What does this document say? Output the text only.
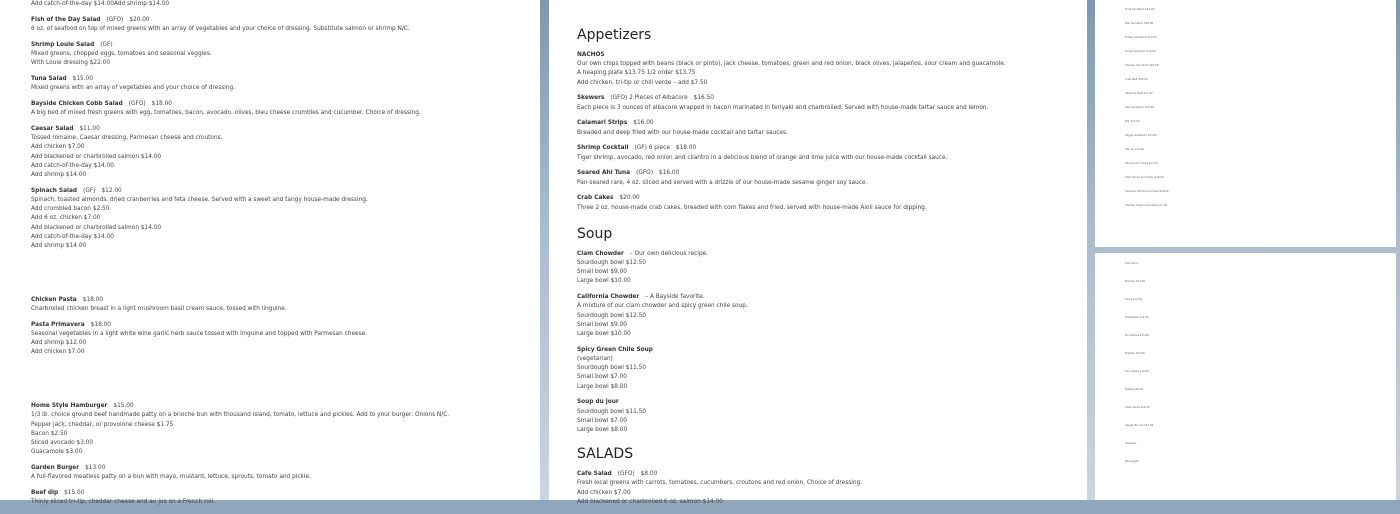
Add catch-of-the-day $14.00Add shrimp $14.00
Fish of the Day Salad (GFO) $20.00
6 oz. of seafood on top of mixed greens with an array of vegetables and your choice of dressing. Substitute salmon or shrimp N/C.
Shrimp Louie Salad (GF)
Mixed greens, chopped eggs, tomatoes and seasonal veggies.
With Louie dressing $22.00
Tuna Salad $15.00
Mixed greens with an array of vegetables and your choice of dressing.
Bayside Chicken Cobb Salad (GFO) $18.00
A big bed of mixed fresh greens with egg, tomatoes, bacon, avocado, olives, bleu cheese crumbles and cucumber. Choice of dressing.
Caesar Salad $11.00
Tossed romaine, Caesar dressing, Parmesan cheese and croutons.
Add chicken $7.00
Add blackened or charbroiled salmon $14.00
Add catch-of-the-day $14.00
Add shrimp $14.00
Spinach Salad (GF) $12.00
Spinach, toasted almonds, dried cranberries and feta cheese. Served with a sweet and tangy house-made dressing.
Add crumbled bacon $2.50
Add 6 oz. chicken $7.00
Add blackened or charbroiled salmon $14.00
Add catch-of-the-day $14.00
Add shrimp $14.00
Chicken Pasta $18.00
Charbroiled chicken breast in a light mushroom basil cream sauce, tossed with linguine.
Pasta Primavera $18.00
Seasonal vegetables in a light white wine garlic herb sauce tossed with linguine and topped with Parmesan cheese.
Add shrimp $12.00
Add chicken $7.00
Home Style Hamburger $15.00
1/3 lb. choice ground beef handmade patty on a brioche bun with thousand island, tomato, lettuce and pickles. Add to your burger: Onions N/C.
Pepper jack, cheddar, or provolone cheese $1.75
Bacon $2.50
Sliced avocado $3.00
Guacamole $3.00
Garden Burger $13.00
A full-flavored meatless patty on a bun with mayo, mustard, lettuce, sprouts, tomato and pickle.
Beef dip $15.00
Thinly sliced tri-tip, cheddar cheese and au jus on a French roll.
Appetizers
NACHOS
Our own chips topped with beans (black or pinto), jack cheese, tomatoes, green and red onion, black olives, jalapeños, sour cream and guacamole.
A heaping plate $13.75 1/2 order $13.75
Add chicken, tri-tip or chili verde – add $7.50
Skewers (GFO) 2 Pieces of Albacore $16.50
Each piece is 3 ounces of albacore wrapped in bacon marinated in teriyaki and charbroiled. Served with house-made tartar sauce and lemon.
Calamari Strips $16.00
Breaded and deep fried with our house-made cocktail and tartar sauces.
Shrimp Cocktail (GF) 6 piece $18.00
Tiger shrimp, avocado, red onion and cilantro in a delicious blend of orange and lime juice with our house-made cocktail sauce.
Seared Ahi Tuna (GFO) $16.00
Pan-seared rare, 4 oz. sliced and served with a drizzle of our house-made sesame ginger soy sauce.
Crab Cakes $20.00
Three 2 oz. house-made crab cakes, breaded with corn flakes and fried, served with house-made Aioli sauce for dipping.
Soup
Clam Chowder – Our own delicious recipe.
Sourdough bowl $12.50
Small bowl $9.00
Large bowl $10.00
California Chowder – A Bayside favorite.
A mixture of our clam chowder and spicy green chile soup.
Sourdough bowl $12.50
Small bowl $9.00
Large bowl $10.00
Spicy Green Chile Soup
(vegetarian)
Sourdough bowl $11.50
Small bowl $7.00
Large bowl $8.00
Soup du jour
Sourdough bowl $11.50
Small bowl $7.00
Large bowl $8.00
SALADS
Cafe Salad (GFO) $8.00
Fresh local greens with carrots, tomatoes, cucumbers, croutons and red onion. Choice of dressing.
Add chicken $7.00
Add blackened or charbroiled 6 oz. salmon $14.00
Tuna Sandwich $14.00
Fish Sandwich $16.00
Turkey Sandwich $14.00
Tri-Tip Sandwich $16.00
Chicken Sandwich $15.00
Crab Melt $18.00
Albacore Melt $17.00
Club Sandwich $16.00
BLT $13.00
Veggie Sandwich $13.00
Fish and Chips
Shrimp and Chips $21.00
Clam Strips and Chips $18.00
Calamari Strips and Chips $19.00
Chicken Strips and Chips $17.00
Kids Menu
Burritos $14.00
Tacos $14.00
Quesadilla $12.00
Enchiladas $15.00
Tostada $13.00
Taco Salad $14.00
Fajitas $19.00
Chile Verde $16.00
Veggie Burrito $13.00
Desserts
Beverages
